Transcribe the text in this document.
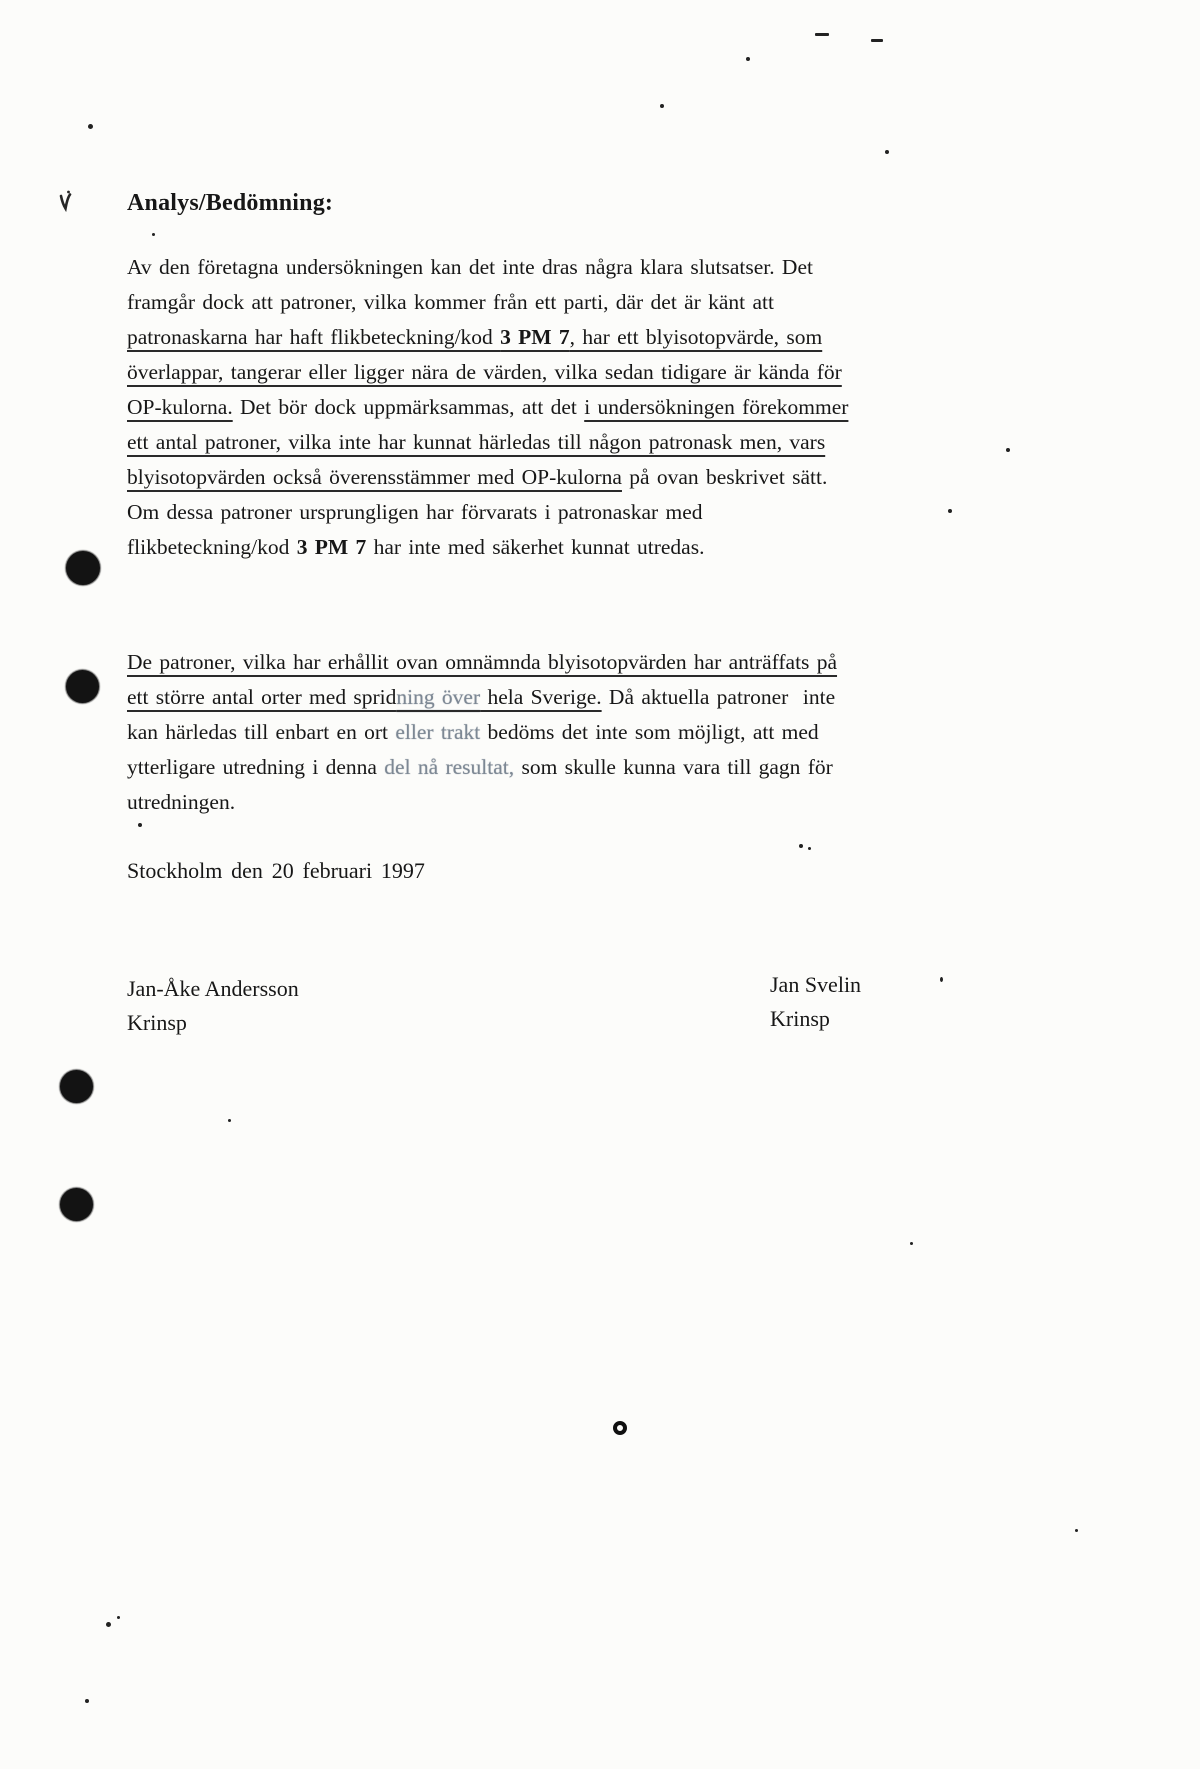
Analys/Bedömning:
Av den företagna undersökningen kan det inte dras några klara slutsatser. Det
framgår dock att patroner, vilka kommer från ett parti, där det är känt att
patronaskarna har haft flikbeteckning/kod 3 PM 7, har ett blyisotopvärde, som
överlappar, tangerar eller ligger nära de värden, vilka sedan tidigare är kända för
OP-kulorna. Det bör dock uppmärksammas, att det i undersökningen förekommer
ett antal patroner, vilka inte har kunnat härledas till någon patronask men, vars
blyisotopvärden också överensstämmer med OP-kulorna på ovan beskrivet sätt.
Om dessa patroner ursprungligen har förvarats i patronaskar med
flikbeteckning/kod 3 PM 7 har inte med säkerhet kunnat utredas.
De patroner, vilka har erhållit ovan omnämnda blyisotopvärden har anträffats på
ett större antal orter med spridning över hela Sverige. Då aktuella patroner  inte
kan härledas till enbart en ort eller trakt bedöms det inte som möjligt, att med
ytterligare utredning i denna del nå resultat, som skulle kunna vara till gagn för
utredningen.
Stockholm den 20 februari 1997
Jan-Åke Andersson
Krinsp
Jan Svelin
Krinsp
